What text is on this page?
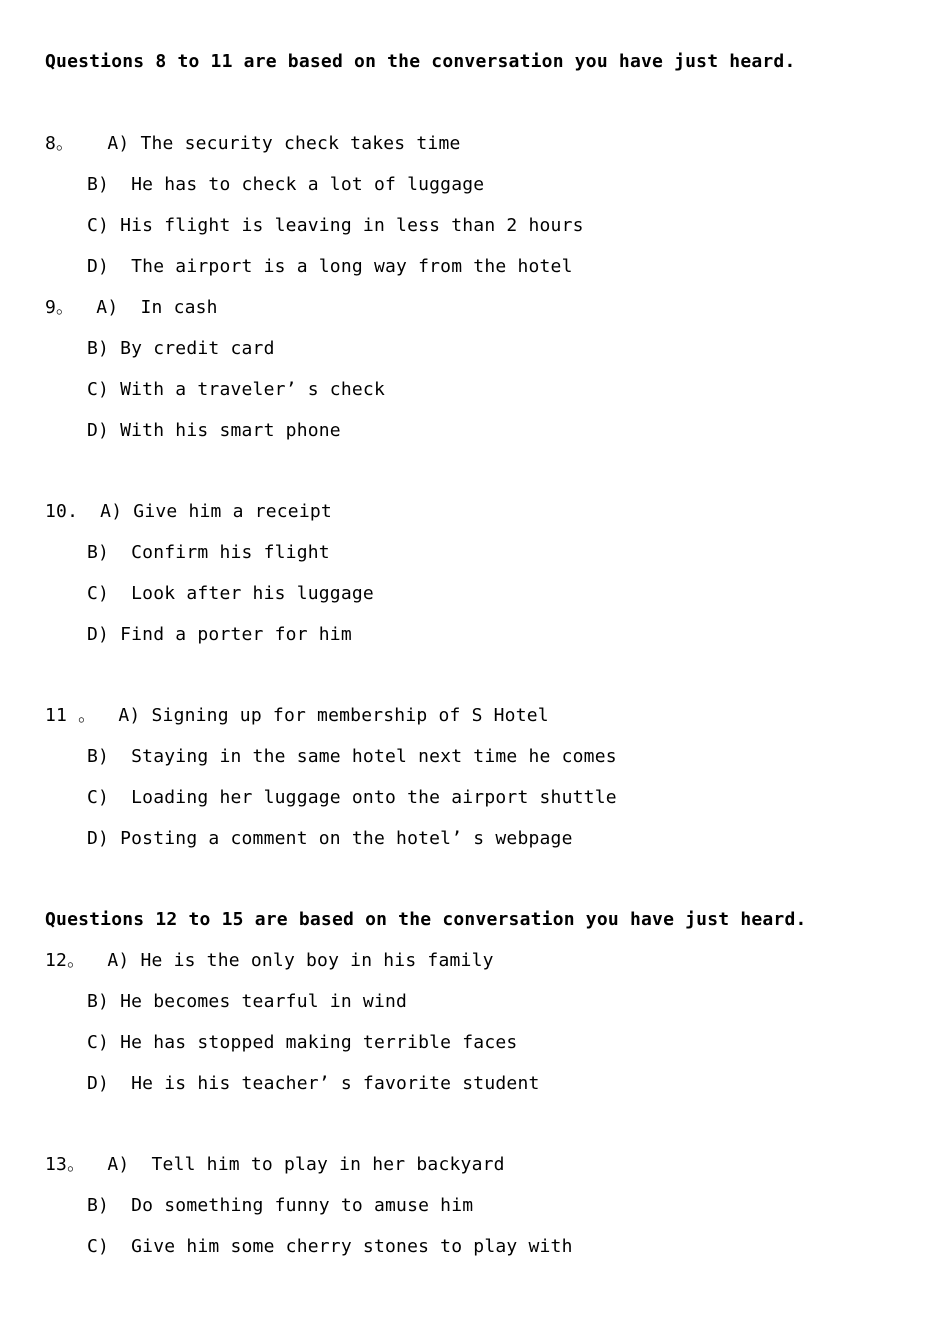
Questions 8 to 11 are based on the conversation you have just heard.
8。   A) The security check takes time
B)  He has to check a lot of luggage
C) His flight is leaving in less than 2 hours
D)  The airport is a long way from the hotel
9。  A)  In cash
B) By credit card
C) With a traveler’ s check
D) With his smart phone
10.  A) Give him a receipt
B)  Confirm his flight
C)  Look after his luggage
D) Find a porter for him
11 。  A) Signing up for membership of S Hotel
B)  Staying in the same hotel next time he comes
C)  Loading her luggage onto the airport shuttle
D) Posting a comment on the hotel’ s webpage
Questions 12 to 15 are based on the conversation you have just heard.
12。  A) He is the only boy in his family
B) He becomes tearful in wind
C) He has stopped making terrible faces
D)  He is his teacher’ s favorite student
13。  A)  Tell him to play in her backyard
B)  Do something funny to amuse him
C)  Give him some cherry stones to play with
